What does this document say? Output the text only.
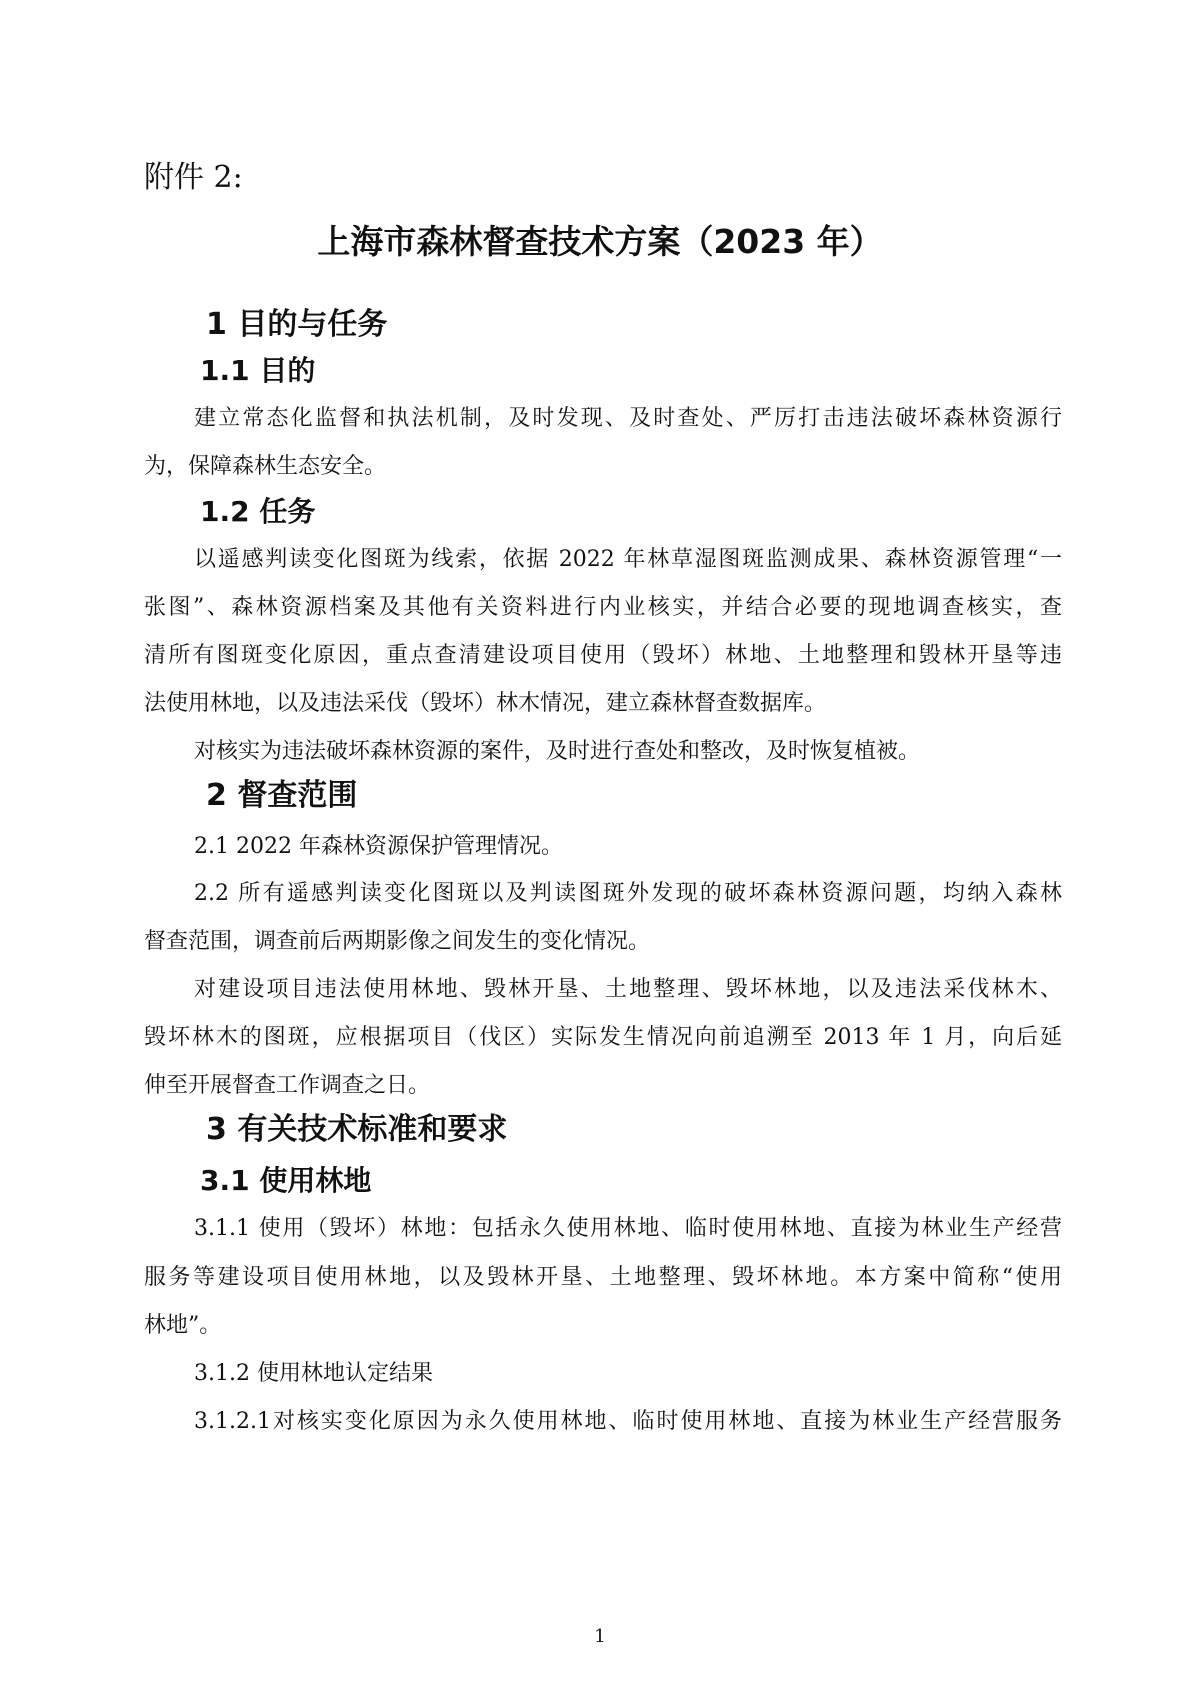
附件 2:

上海市森林督查技术方案（2023 年）
1 目的与任务
1.1 目的

建立常态化监督和执法机制，及时发现、及时查处、严厉打击违法破坏森林资源行

为，保障森林生态安全。

1.2 任务

以遥感判读变化图斑为线索，依据 2022 年林草湿图斑监测成果、森林资源管理“一

张图”、森林资源档案及其他有关资料进行内业核实，并结合必要的现地调查核实，查

清所有图斑变化原因，重点查清建设项目使用（毁坏）林地、土地整理和毁林开垦等违

法使用林地，以及违法采伐（毁坏）林木情况，建立森林督查数据库。

对核实为违法破坏森林资源的案件，及时进行查处和整改，及时恢复植被。

2 督查范围

2.1 2022 年森林资源保护管理情况。

2.2 所有遥感判读变化图斑以及判读图斑外发现的破坏森林资源问题，均纳入森林

督查范围，调查前后两期影像之间发生的变化情况。

对建设项目违法使用林地、毁林开垦、土地整理、毁坏林地，以及违法采伐林木、

毁坏林木的图斑，应根据项目（伐区）实际发生情况向前追溯至 2013 年 1 月，向后延

伸至开展督查工作调查之日。

3 有关技术标准和要求
3.1 使用林地

3.1.1 使用（毁坏）林地：包括永久使用林地、临时使用林地、直接为林业生产经营

服务等建设项目使用林地，以及毁林开垦、土地整理、毁坏林地。本方案中简称“使用

林地”。

3.1.2 使用林地认定结果

3.1.2.1对核实变化原因为永久使用林地、临时使用林地、直接为林业生产经营服务

1
